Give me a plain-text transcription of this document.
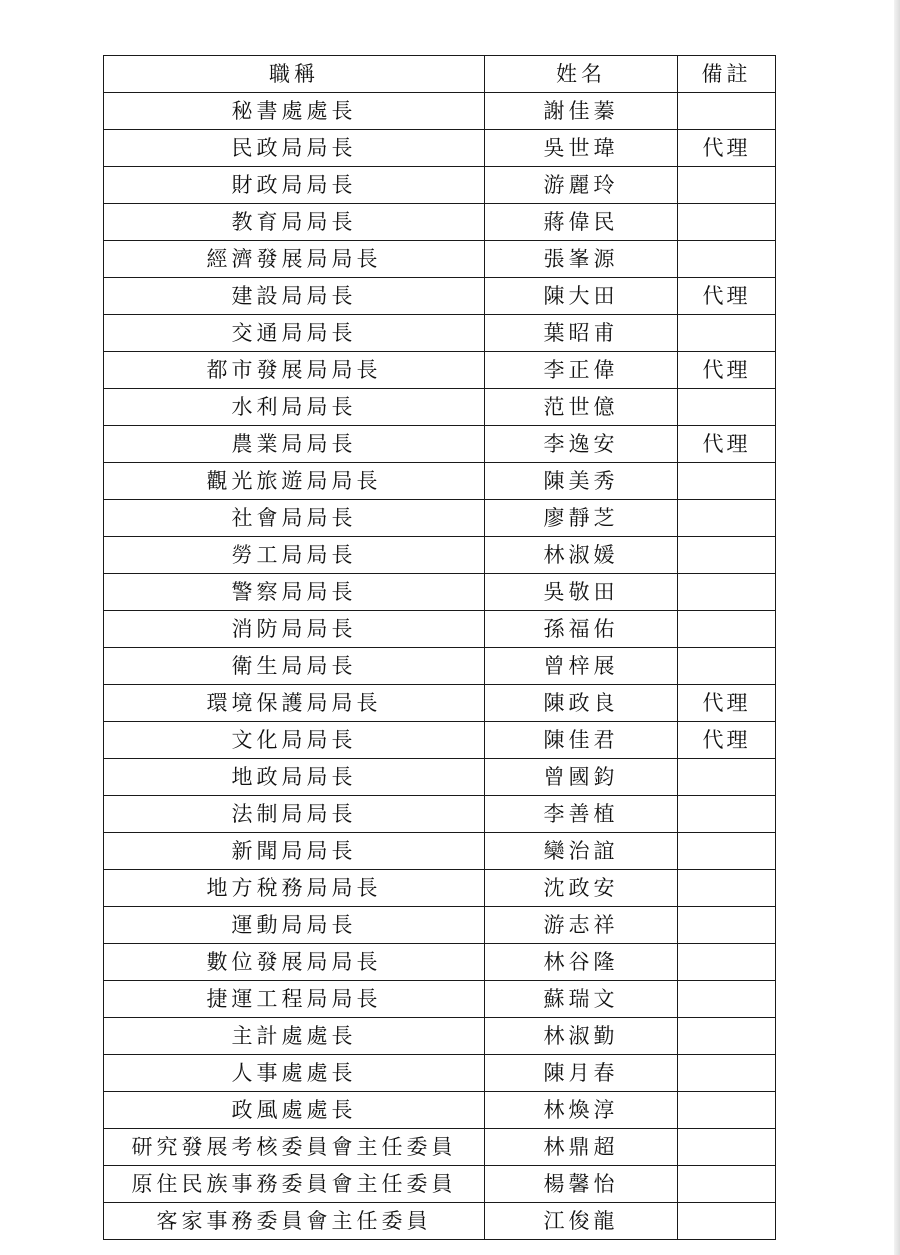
職稱	姓名	備註
秘書處處長	謝佳蓁	
民政局局長	吳世瑋	代理
財政局局長	游麗玲	
教育局局長	蔣偉民	
經濟發展局局長	張峯源	
建設局局長	陳大田	代理
交通局局長	葉昭甫	
都市發展局局長	李正偉	代理
水利局局長	范世億	
農業局局長	李逸安	代理
觀光旅遊局局長	陳美秀	
社會局局長	廖靜芝	
勞工局局長	林淑媛	
警察局局長	吳敬田	
消防局局長	孫福佑	
衛生局局長	曾梓展	
環境保護局局長	陳政良	代理
文化局局長	陳佳君	代理
地政局局長	曾國鈞	
法制局局長	李善植	
新聞局局長	欒治誼	
地方稅務局局長	沈政安	
運動局局長	游志祥	
數位發展局局長	林谷隆	
捷運工程局局長	蘇瑞文	
主計處處長	林淑勤	
人事處處長	陳月春	
政風處處長	林煥淳	
研究發展考核委員會主任委員	林鼎超	
原住民族事務委員會主任委員	楊馨怡	
客家事務委員會主任委員	江俊龍	
